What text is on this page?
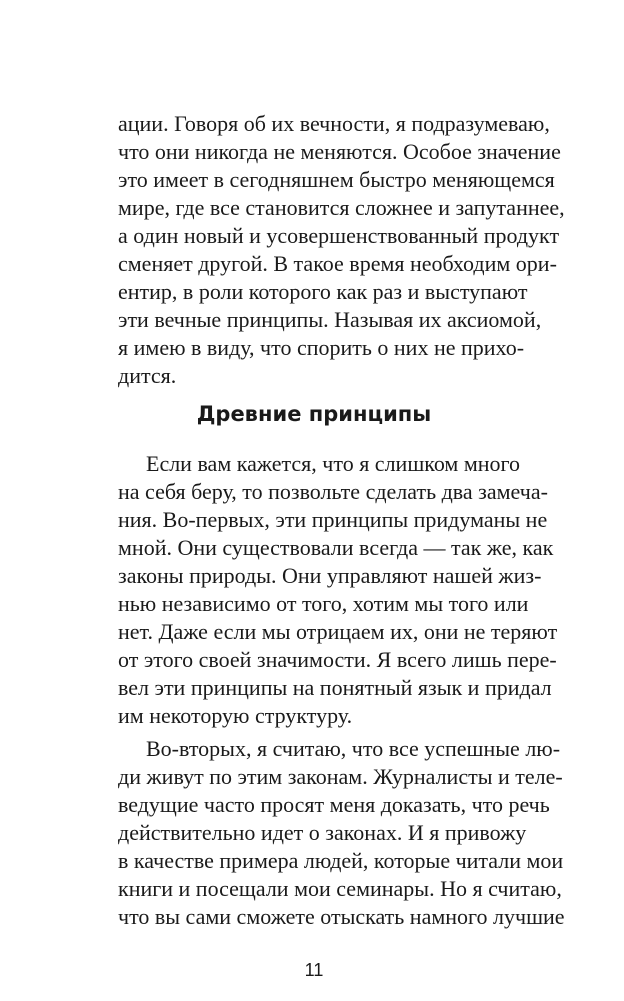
ации. Говоря об их вечности, я подразумеваю,
что они никогда не меняются. Особое значение
это имеет в сегодняшнем быстро меняющемся
мире, где все становится сложнее и запутаннее,
а один новый и усовершенствованный продукт
сменяет другой. В такое время необходим ори-
ентир, в роли которого как раз и выступают
эти вечные принципы. Называя их аксиомой,
я имею в виду, что спорить о них не прихо-
дится.
Древние принципы
Если вам кажется, что я слишком много
на себя беру, то позвольте сделать два замеча-
ния. Во-первых, эти принципы придуманы не
мной. Они существовали всегда — так же, как
законы природы. Они управляют нашей жиз-
нью независимо от того, хотим мы того или
нет. Даже если мы отрицаем их, они не теряют
от этого своей значимости. Я всего лишь пере-
вел эти принципы на понятный язык и придал
им некоторую структуру.
Во-вторых, я считаю, что все успешные лю-
ди живут по этим законам. Журналисты и теле-
ведущие часто просят меня доказать, что речь
действительно идет о законах. И я привожу
в качестве примера людей, которые читали мои
книги и посещали мои семинары. Но я считаю,
что вы сами сможете отыскать намного лучшие
11
